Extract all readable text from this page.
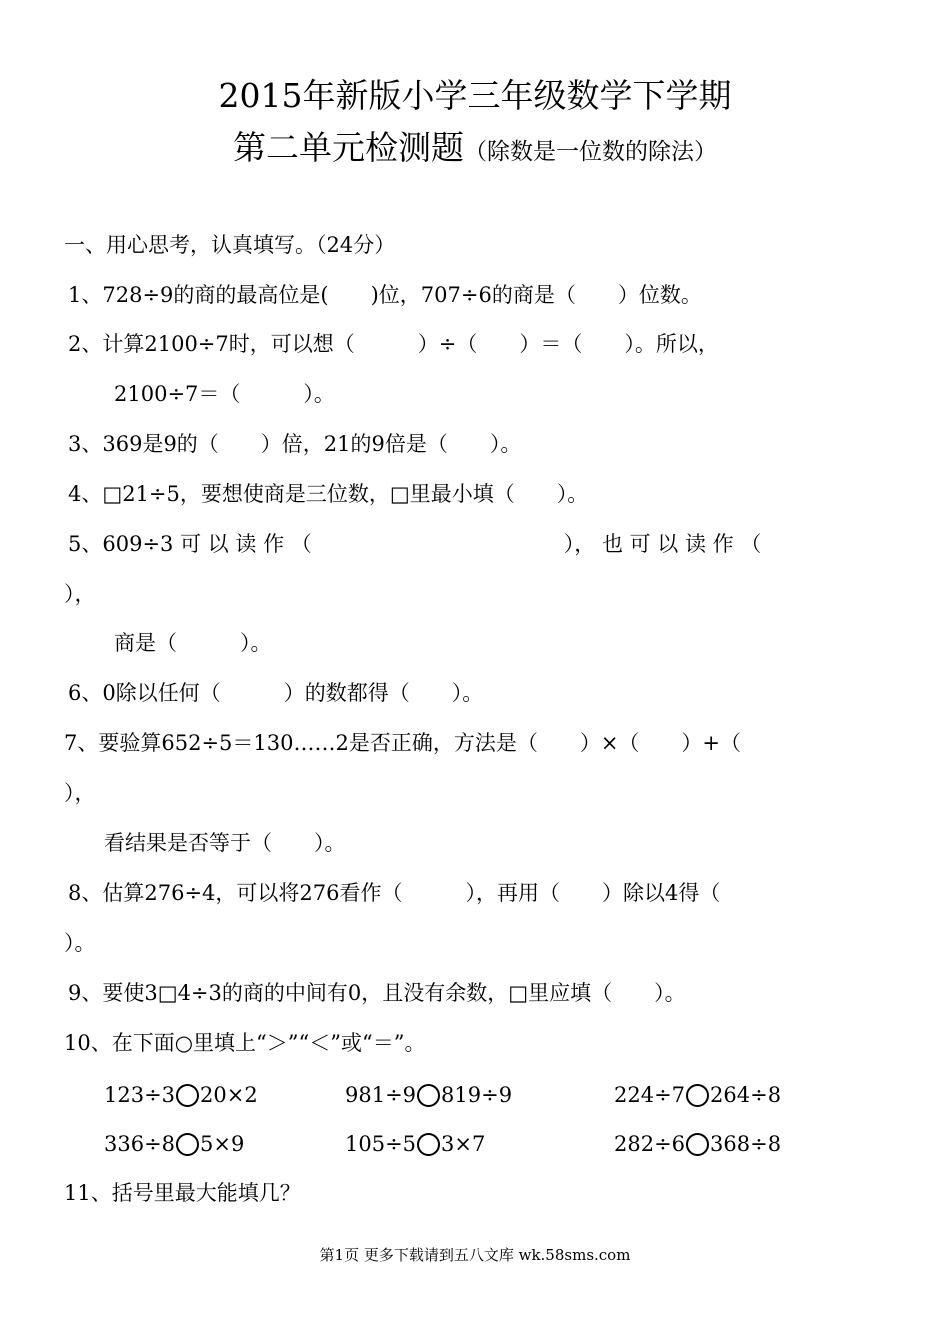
2015年新版小学三年级数学下学期
第二单元检测题（除数是一位数的除法）
一、用心思考，认真填写。（24分）
1、728÷9的商的最高位是(　　)位，707÷6的商是（　　）位数。
2、计算2100÷7时，可以想（　　　）÷（　　）＝（　　）。所以，
2100÷7＝（　　　）。
3、369是9的（　　）倍，21的9倍是（　　）。
4、□21÷5，要想使商是三位数，□里最小填（　　）。
5、609÷3 可 以 读 作 （　　　　　　　　　　　　）， 也 可 以 读 作 （
），
商是（　　　）。
6、0除以任何（　　　）的数都得（　　）。
7、要验算652÷5＝130……2是否正确，方法是（　　）×（　　）+（
），
看结果是否等于（　　）。
8、估算276÷4，可以将276看作（　　　），再用（　　）除以4得（
）。
9、要使3□4÷3的商的中间有0，且没有余数，□里应填（　　）。
10、在下面○里填上“＞”“＜”或“＝”。
123÷3 20×2	981÷9 819÷9	224÷7 264÷8
336÷8 5×9	105÷5 3×7	282÷6 368÷8
11、括号里最大能填几？
第1页 更多下载请到五八文库 wk.58sms.com
